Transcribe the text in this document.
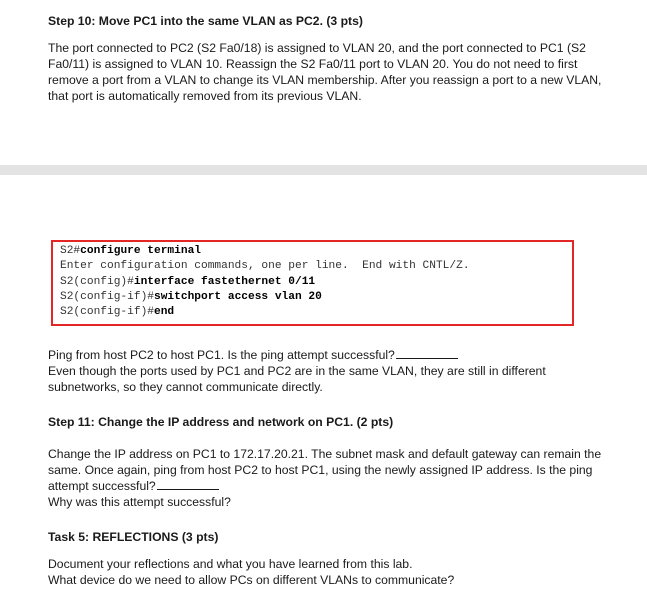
Step 10: Move PC1 into the same VLAN as PC2. (3 pts)

The port connected to PC2 (S2 Fa0/18) is assigned to VLAN 20, and the port connected to PC1 (S2 Fa0/11) is assigned to VLAN 10. Reassign the S2 Fa0/11 port to VLAN 20. You do not need to first remove a port from a VLAN to change its VLAN membership. After you reassign a port to a new VLAN, that port is automatically removed from its previous VLAN.

S2#configure terminal
Enter configuration commands, one per line.  End with CNTL/Z.
S2(config)#interface fastethernet 0/11
S2(config-if)#switchport access vlan 20
S2(config-if)#end

Ping from host PC2 to host PC1. Is the ping attempt successful?

Even though the ports used by PC1 and PC2 are in the same VLAN, they are still in different subnetworks, so they cannot communicate directly.

Step 11: Change the IP address and network on PC1. (2 pts)

Change the IP address on PC1 to 172.17.20.21. The subnet mask and default gateway can remain the same. Once again, ping from host PC2 to host PC1, using the newly assigned IP address. Is the ping attempt successful?

Why was this attempt successful?

Task 5: REFLECTIONS (3 pts)

Document your reflections and what you have learned from this lab.

What device do we need to allow PCs on different VLANs to communicate?
